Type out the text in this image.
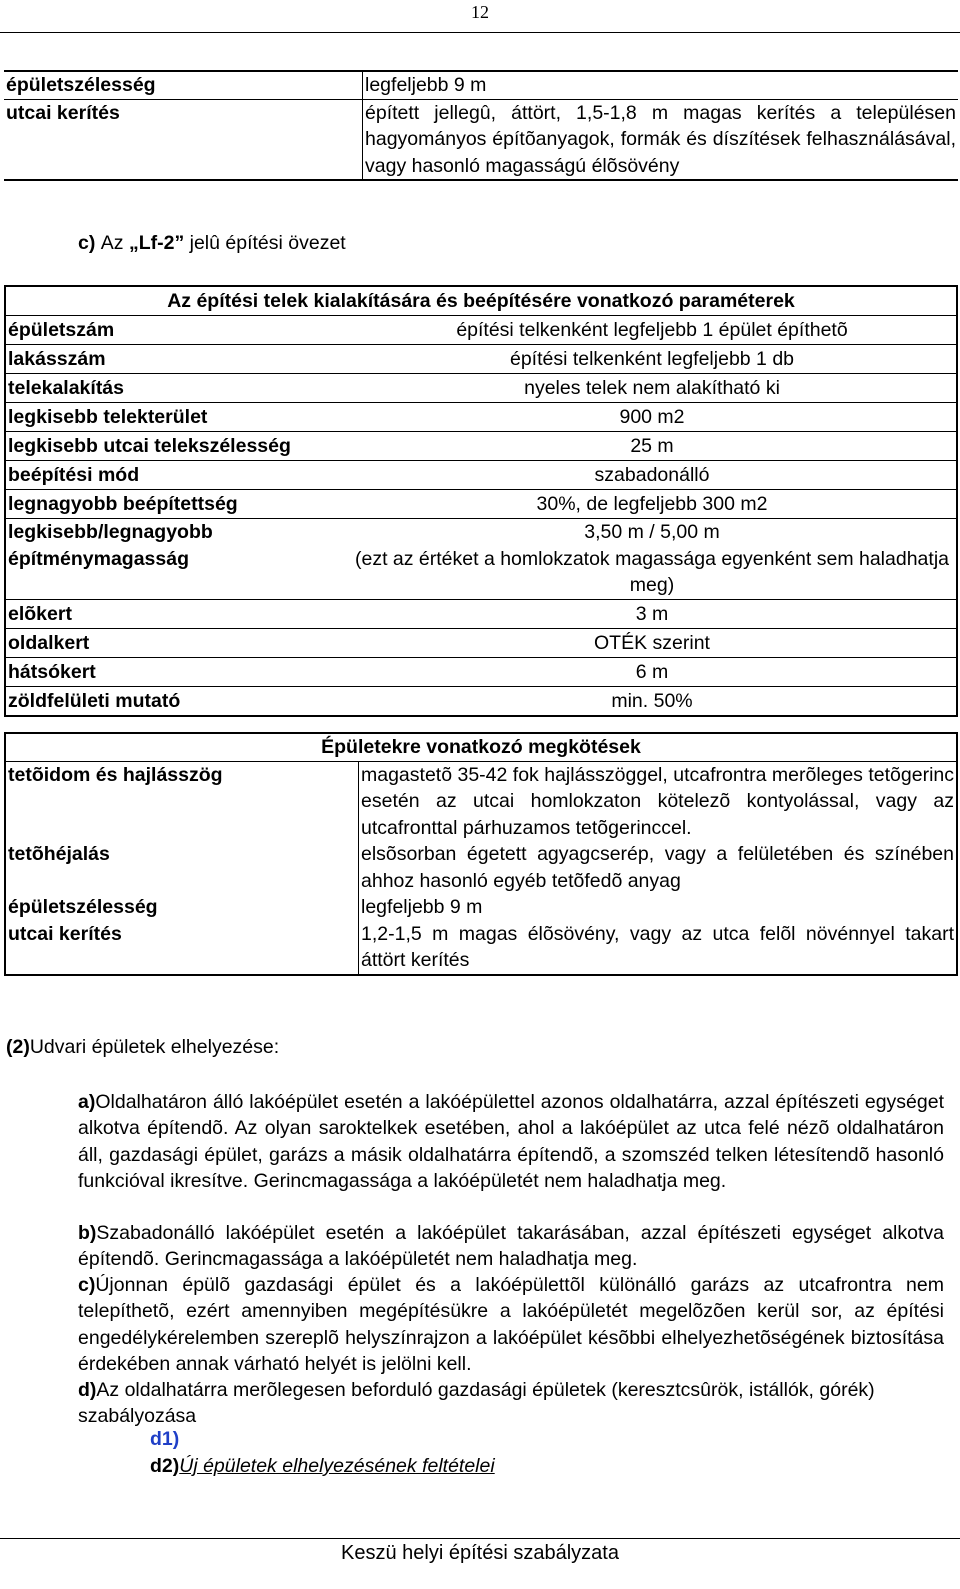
12
épületszélesség	legfeljebb 9 m
utcai kerítés	épített jellegû, áttört, 1,5-1,8 m magas kerítés a településen hagyományos építõanyagok, formák és díszítések felhasználásával, vagy hasonló magasságú élõsövény
c) Az „Lf-2” jelû építési övezet
Az építési telek kialakítására és beépítésére vonatkozó paraméterek	
épületszám	építési telkenként legfeljebb 1 épület építhetõ
lakásszám	építési telkenként legfeljebb 1 db
telekalakítás	nyeles telek nem alakítható ki
legkisebb telekterület	900 m2
legkisebb utcai telekszélesség	25 m
beépítési mód	szabadonálló
legnagyobb beépítettség	30%, de legfeljebb 300 m2
legkisebb/legnagyobb építménymagasság	3,50 m / 5,00 m
(ezt az értéket a homlokzatok magassága egyenként sem haladhatja meg)

elõkert	3 m
oldalkert	OTÉK szerint
hátsókert	6 m
zöldfelületi mutató	min. 50%
Épületekre vonatkozó megkötések	
tetõidom és hajlásszög	magastetõ 35-42 fok hajlásszöggel, utcafrontra merõleges tetõgerinc esetén az utcai homlokzaton kötelezõ kontyolással, vagy az utcafronttal párhuzamos tetõgerinccel.
tetõhéjalás	elsõsorban égetett agyagcserép, vagy a felületében és színében ahhoz hasonló egyéb tetõfedõ anyag
épületszélesség	legfeljebb 9 m
utcai kerítés	1,2-1,5 m magas élõsövény, vagy az utca felõl növénnyel takart áttört kerítés
(2)Udvari épületek elhelyezése:
a)Oldalhatáron álló lakóépület esetén a lakóépülettel azonos oldalhatárra, azzal építészeti egységet alkotva építendõ. Az olyan saroktelkek esetében, ahol a lakóépület az utca felé nézõ oldalhatáron áll, gazdasági épület, garázs a másik oldalhatárra építendõ, a szomszéd telken létesítendõ hasonló funkcióval ikresítve. Gerincmagassága a lakóépületét nem haladhatja meg.
b)Szabadonálló lakóépület esetén a lakóépület takarásában, azzal építészeti egységet alkotva építendõ. Gerincmagassága a lakóépületét nem haladhatja meg.
c)Újonnan épülõ gazdasági épület és a lakóépülettõl különálló garázs az utcafrontra nem telepíthetõ, ezért amennyiben megépítésükre a lakóépületét megelõzõen kerül sor, az építési engedélykérelemben szereplõ helyszínrajzon a lakóépület késõbbi elhelyezhetõségének biztosítása érdekében annak várható helyét is jelölni kell.
d)Az oldalhatárra merõlegesen beforduló gazdasági épületek (keresztcsûrök, istállók, górék) szabályozása
d1)
d2)Új épületek elhelyezésének feltételei
Keszü helyi építési szabályzata
